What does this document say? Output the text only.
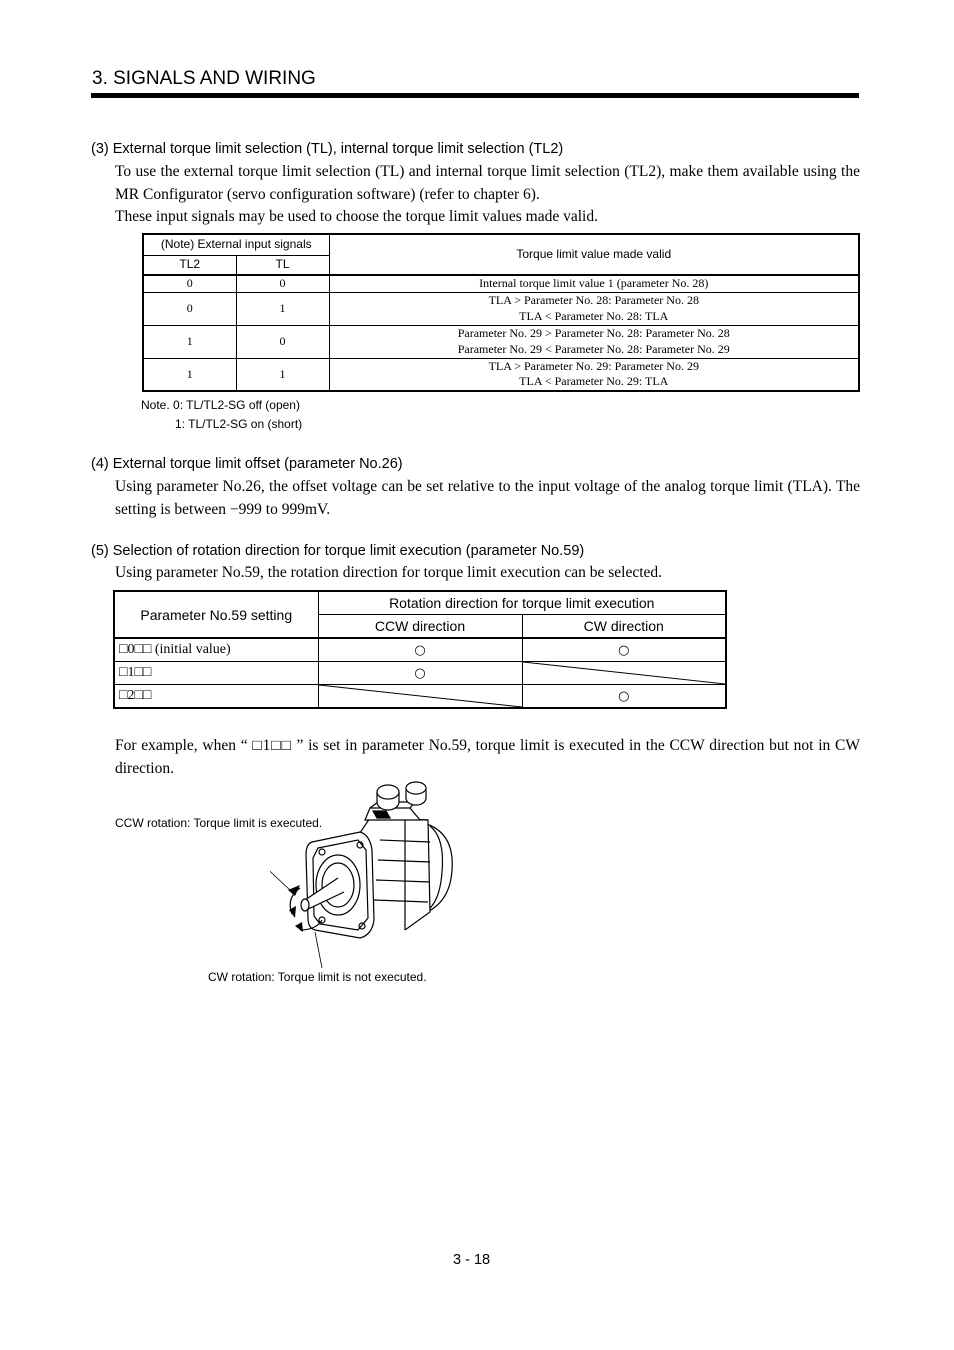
3. SIGNALS AND WIRING
(3) External torque limit selection (TL), internal torque limit selection (TL2)
To use the external torque limit selection (TL) and internal torque limit selection (TL2), make them available using the MR Configurator (servo configuration software) (refer to chapter 6).
These input signals may be used to choose the torque limit values made valid.
(Note) External input signals		Torque limit value made valid
TL2	TL	
0	0	Internal torque limit value 1 (parameter No. 28)

0	1	TLA > Parameter No. 28: Parameter No. 28
TLA < Parameter No. 28: TLA

1	0	Parameter No. 29 > Parameter No. 28: Parameter No. 28
Parameter No. 29 < Parameter No. 28: Parameter No. 29

1	1	TLA > Parameter No. 29: Parameter No. 29
TLA < Parameter No. 29: TLA
Note. 0: TL/TL2-SG off (open)
1: TL/TL2-SG on (short)
(4) External torque limit offset (parameter No.26)
Using parameter No.26, the offset voltage can be set relative to the input voltage of the analog torque limit (TLA). The setting is between −999 to 999mV.
(5) Selection of rotation direction for torque limit execution (parameter No.59)
Using parameter No.59, the rotation direction for torque limit execution can be selected.
Parameter No.59 setting	Rotation direction for torque limit execution	
	CCW direction	CW direction
□0□□ (initial value)	○	○
□1□□	○	

□2□□		○
For example, when “ □1□□ ” is set in parameter No.59, torque limit is executed in the CCW direction but not in CW direction.
CCW rotation: Torque limit is executed.
CW rotation: Torque limit is not executed.
3 - 18
